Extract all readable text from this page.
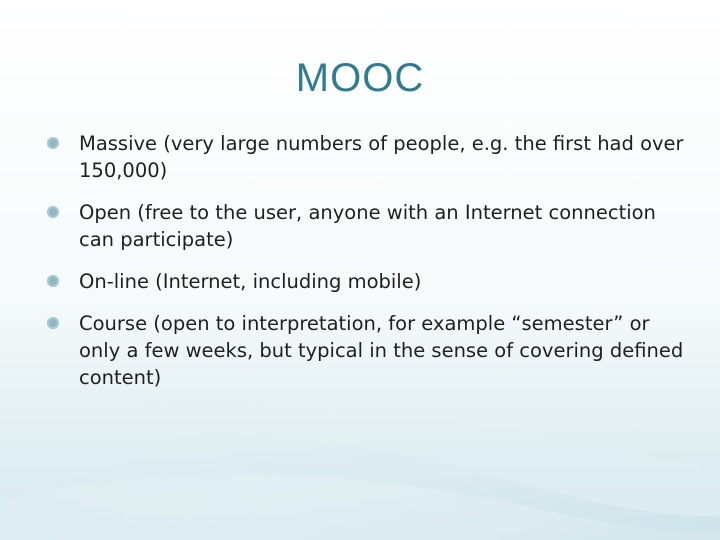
MOOC
Massive (very large numbers of people, e.g. the first had over 150,000)
Open (free to the user, anyone with an Internet connection can participate)
On-line (Internet, including mobile)
Course (open to interpretation, for example “semester” or only a few weeks, but typical in the sense of covering defined content)
